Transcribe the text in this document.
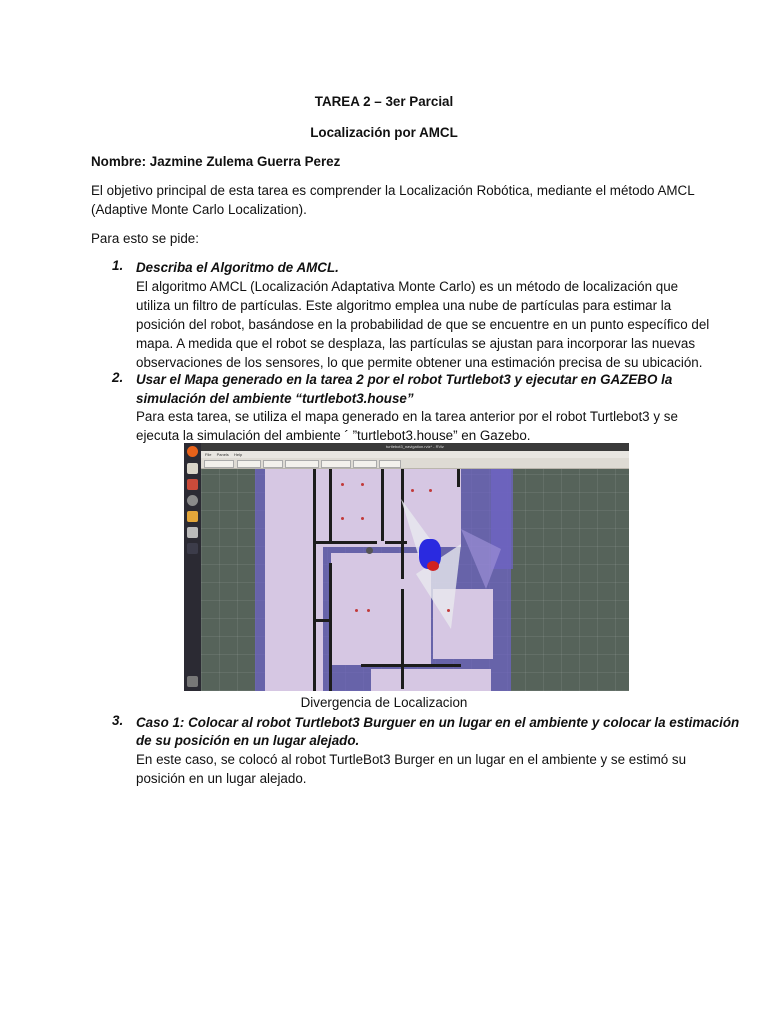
TAREA 2 – 3er Parcial
Localización por AMCL
Nombre: Jazmine Zulema Guerra Perez
El objetivo principal de esta tarea es comprender la Localización Robótica, mediante el método AMCL
(Adaptive Monte Carlo Localization).
Para esto se pide:
1. Describa el Algoritmo de AMCL.
El algoritmo AMCL (Localización Adaptativa Monte Carlo) es un método de localización que
utiliza un filtro de partículas. Este algoritmo emplea una nube de partículas para estimar la
posición del robot, basándose en la probabilidad de que se encuentre en un punto específico del
mapa. A medida que el robot se desplaza, las partículas se ajustan para incorporar las nuevas
observaciones de los sensores, lo que permite obtener una estimación precisa de su ubicación.
2. Usar el Mapa generado en la tarea 2 por el robot Turtlebot3 y ejecutar en GAZEBO la
simulación del ambiente “turtlebot3.house”
Para esta tarea, se utiliza el mapa generado en la tarea anterior por el robot Turtlebot3 y se
ejecuta la simulación del ambiente ´ ”turtlebot3.house” en Gazebo.
turtlebot3_navigation.rviz* - RViz
File Panels Help
Divergencia de Localizacion
3. Caso 1: Colocar al robot Turtlebot3 Burguer en un lugar en el ambiente y colocar la estimación
de su posición en un lugar alejado.
En este caso, se colocó al robot TurtleBot3 Burger en un lugar en el ambiente y se estimó su
posición en un lugar alejado.
